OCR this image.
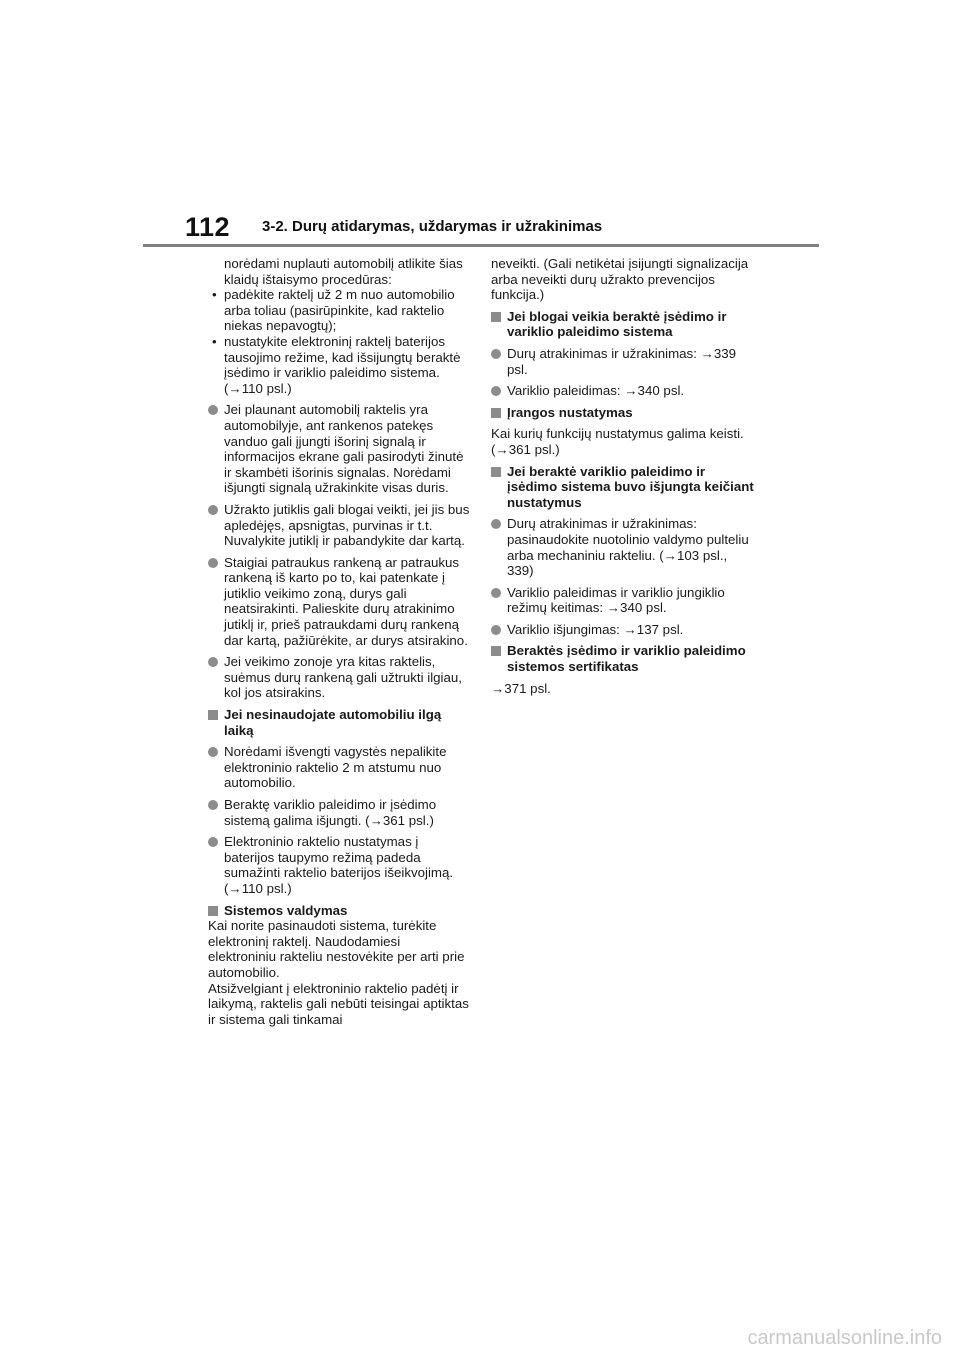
112 3-2. Durų atidarymas, uždarymas ir užrakinimas

norėdami nuplauti automobilį atlikite šias klaidų ištaisymo procedūras:

• padėkite raktelį už 2 m nuo automobilio arba toliau (pasirūpinkite, kad raktelio niekas nepavogtų);
• nustatykite elektroninį raktelį baterijos tausojimo režime, kad išsijungtų beraktė įsėdimo ir variklio paleidimo sistema. (→110 psl.)
Jei plaunant automobilį raktelis yra automobilyje, ant rankenos patekęs vanduo gali įjungti išorinį signalą ir informacijos ekrane gali pasirodyti žinutė ir skambėti išorinis signalas. Norėdami išjungti signalą užrakinkite visas duris.
Užrakto jutiklis gali blogai veikti, jei jis bus apledėjęs, apsnigtas, purvinas ir t.t. Nuvalykite jutiklį ir pabandykite dar kartą.
Staigiai patraukus rankeną ar patraukus rankeną iš karto po to, kai patenkate į jutiklio veikimo zoną, durys gali neatsirakinti. Palieskite durų atrakinimo jutiklį ir, prieš patraukdami durų rankeną dar kartą, pažiūrėkite, ar durys atsirakino.
Jei veikimo zonoje yra kitas raktelis, suėmus durų rankeną gali užtrukti ilgiau, kol jos atsirakins.
Jei nesinaudojate automobiliu ilgą laiką
Norėdami išvengti vagystės nepalikite elektroninio raktelio 2 m atstumu nuo automobilio.
Beraktę variklio paleidimo ir įsėdimo sistemą galima išjungti. (→361 psl.)
Elektroninio raktelio nustatymas į baterijos taupymo režimą padeda sumažinti raktelio baterijos išeikvojimą. (→110 psl.)
Sistemos valdymas

Kai norite pasinaudoti sistema, turėkite elektroninį raktelį. Naudodamiesi elektroniniu rakteliu nestovėkite per arti prie automobilio.

Atsižvelgiant į elektroninio raktelio padėtį ir laikymą, raktelis gali nebūti teisingai aptiktas ir sistema gali tinkamai

neveikti. (Gali netikėtai įsijungti signalizacija arba neveikti durų užrakto prevencijos funkcija.)

Jei blogai veikia beraktė įsėdimo ir variklio paleidimo sistema
Durų atrakinimas ir užrakinimas: →339 psl.
Variklio paleidimas: →340 psl.
Įrangos nustatymas

Kai kurių funkcijų nustatymus galima keisti. (→361 psl.)

Jei beraktė variklio paleidimo ir įsėdimo sistema buvo išjungta keičiant nustatymus
Durų atrakinimas ir užrakinimas: pasinaudokite nuotolinio valdymo pulteliu arba mechaniniu rakteliu. (→103 psl., 339)
Variklio paleidimas ir variklio jungiklio režimų keitimas: →340 psl.
Variklio išjungimas: →137 psl.
Beraktės įsėdimo ir variklio paleidimo sistemos sertifikatas

→371 psl.

carmanualsonline.info
